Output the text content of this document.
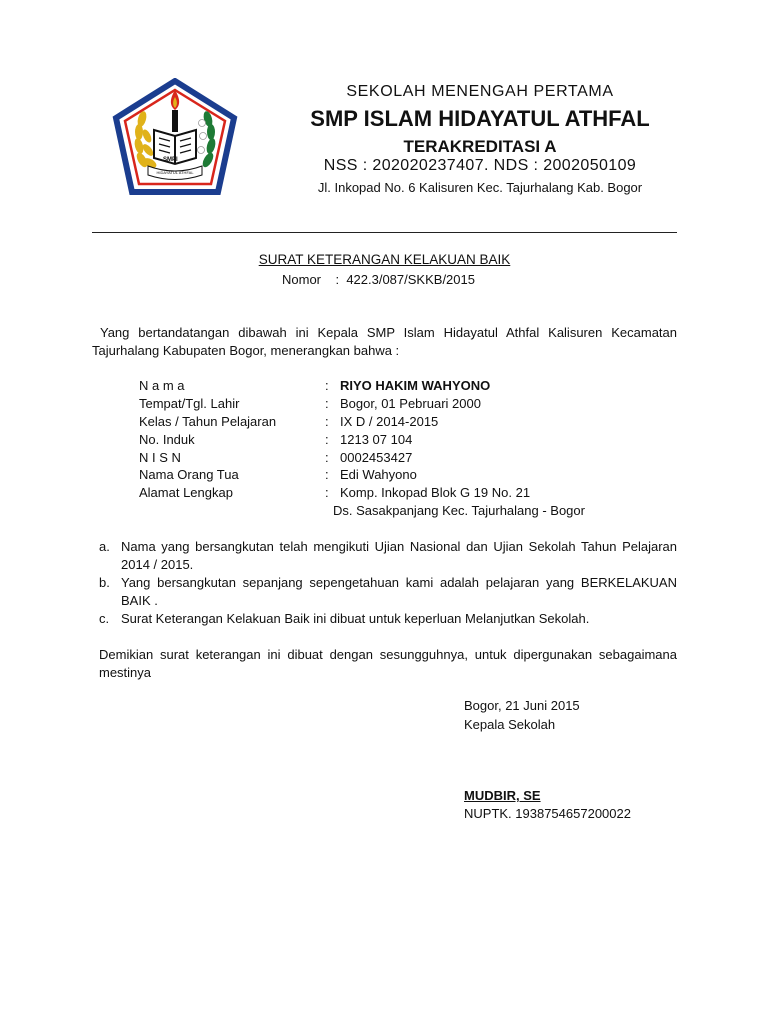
SMPI
HIDAYATUL ATHFAL
SEKOLAH MENENGAH PERTAMA
SMP ISLAM HIDAYATUL ATHFAL
TERAKREDITASI A
NSS : 202020237407. NDS : 2002050109
Jl. Inkopad No. 6 Kalisuren Kec. Tajurhalang Kab. Bogor
SURAT KETERANGAN KELAKUAN BAIK
Nomor    :  422.3/087/SKKB/2015
Yang bertandatangan dibawah ini Kepala SMP Islam Hidayatul Athfal Kalisuren Kecamatan Tajurhalang Kabupaten Bogor, menerangkan bahwa :
N a m a	: RIYO HAKIM WAHYONO
Tempat/Tgl. Lahir	: Bogor, 01 Pebruari 2000
Kelas / Tahun Pelajaran	: IX D / 2014-2015
No. Induk	: 1213 07 104
N I S N	: 0002453427
Nama Orang Tua	: Edi Wahyono
Alamat Lengkap	: Komp. Inkopad Blok G 19 No. 21
Ds. Sasakpanjang Kec. Tajurhalang - Bogor
a. Nama yang bersangkutan telah mengikuti Ujian Nasional dan Ujian Sekolah Tahun Pelajaran 2014 / 2015.
b. Yang bersangkutan sepanjang sepengetahuan kami adalah pelajaran yang BERKELAKUAN BAIK .
c. Surat Keterangan Kelakuan Baik ini dibuat untuk keperluan Melanjutkan Sekolah.
Demikian surat keterangan ini dibuat dengan sesungguhnya, untuk dipergunakan sebagaimana mestinya
Bogor, 21 Juni 2015
Kepala Sekolah
MUDBIR, SE
NUPTK. 1938754657200022
